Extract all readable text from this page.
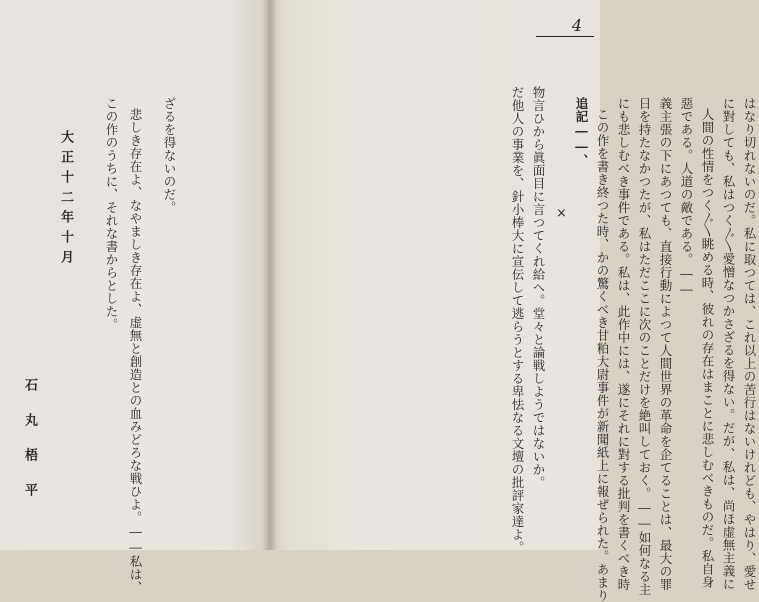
4
だ他人の事業を、針小棒大に宣伝して逃らうとする卑怯なる文壇の批評家達よ。 物言ひから眞面目に言つてくれ給へ。堂々と論戦しようではないか。 ×
追記――、 この作を書き終つた時、かの驚くべき甘粕大尉事件が新聞紙上に報ぜられた。あまり にも悲しむべき事件である。私は、此作中には、遂にそれに對する批判を書くべき時 日を持たなかつたが、私はただここに次のことだけを絶叫しておく。――如何なる主 義主張の下にあつても、直接行動によつて人間世界の革命を企てることは、最大の罪 惡である。人道の敵である。―― 人間の性情をつく〴〵眺める時、彼れの存在はまことに悲しむべきものだ。私自身 に對しても、私はつく〴〵愛憎なつかさざるを得ない。だが、私は、尚ほ虚無主義に はなり切れないのだ。私に取つては、これ以上の苦行はないけれども、やはり、愛せ
ざるを得ないのだ。
悲しき存在よ、なやましき存在よ、虚無と創造との血みどろな戦ひよ。――私は、
この作のうちに、それな書からとした。
大正十二年十月
石丸梧平
